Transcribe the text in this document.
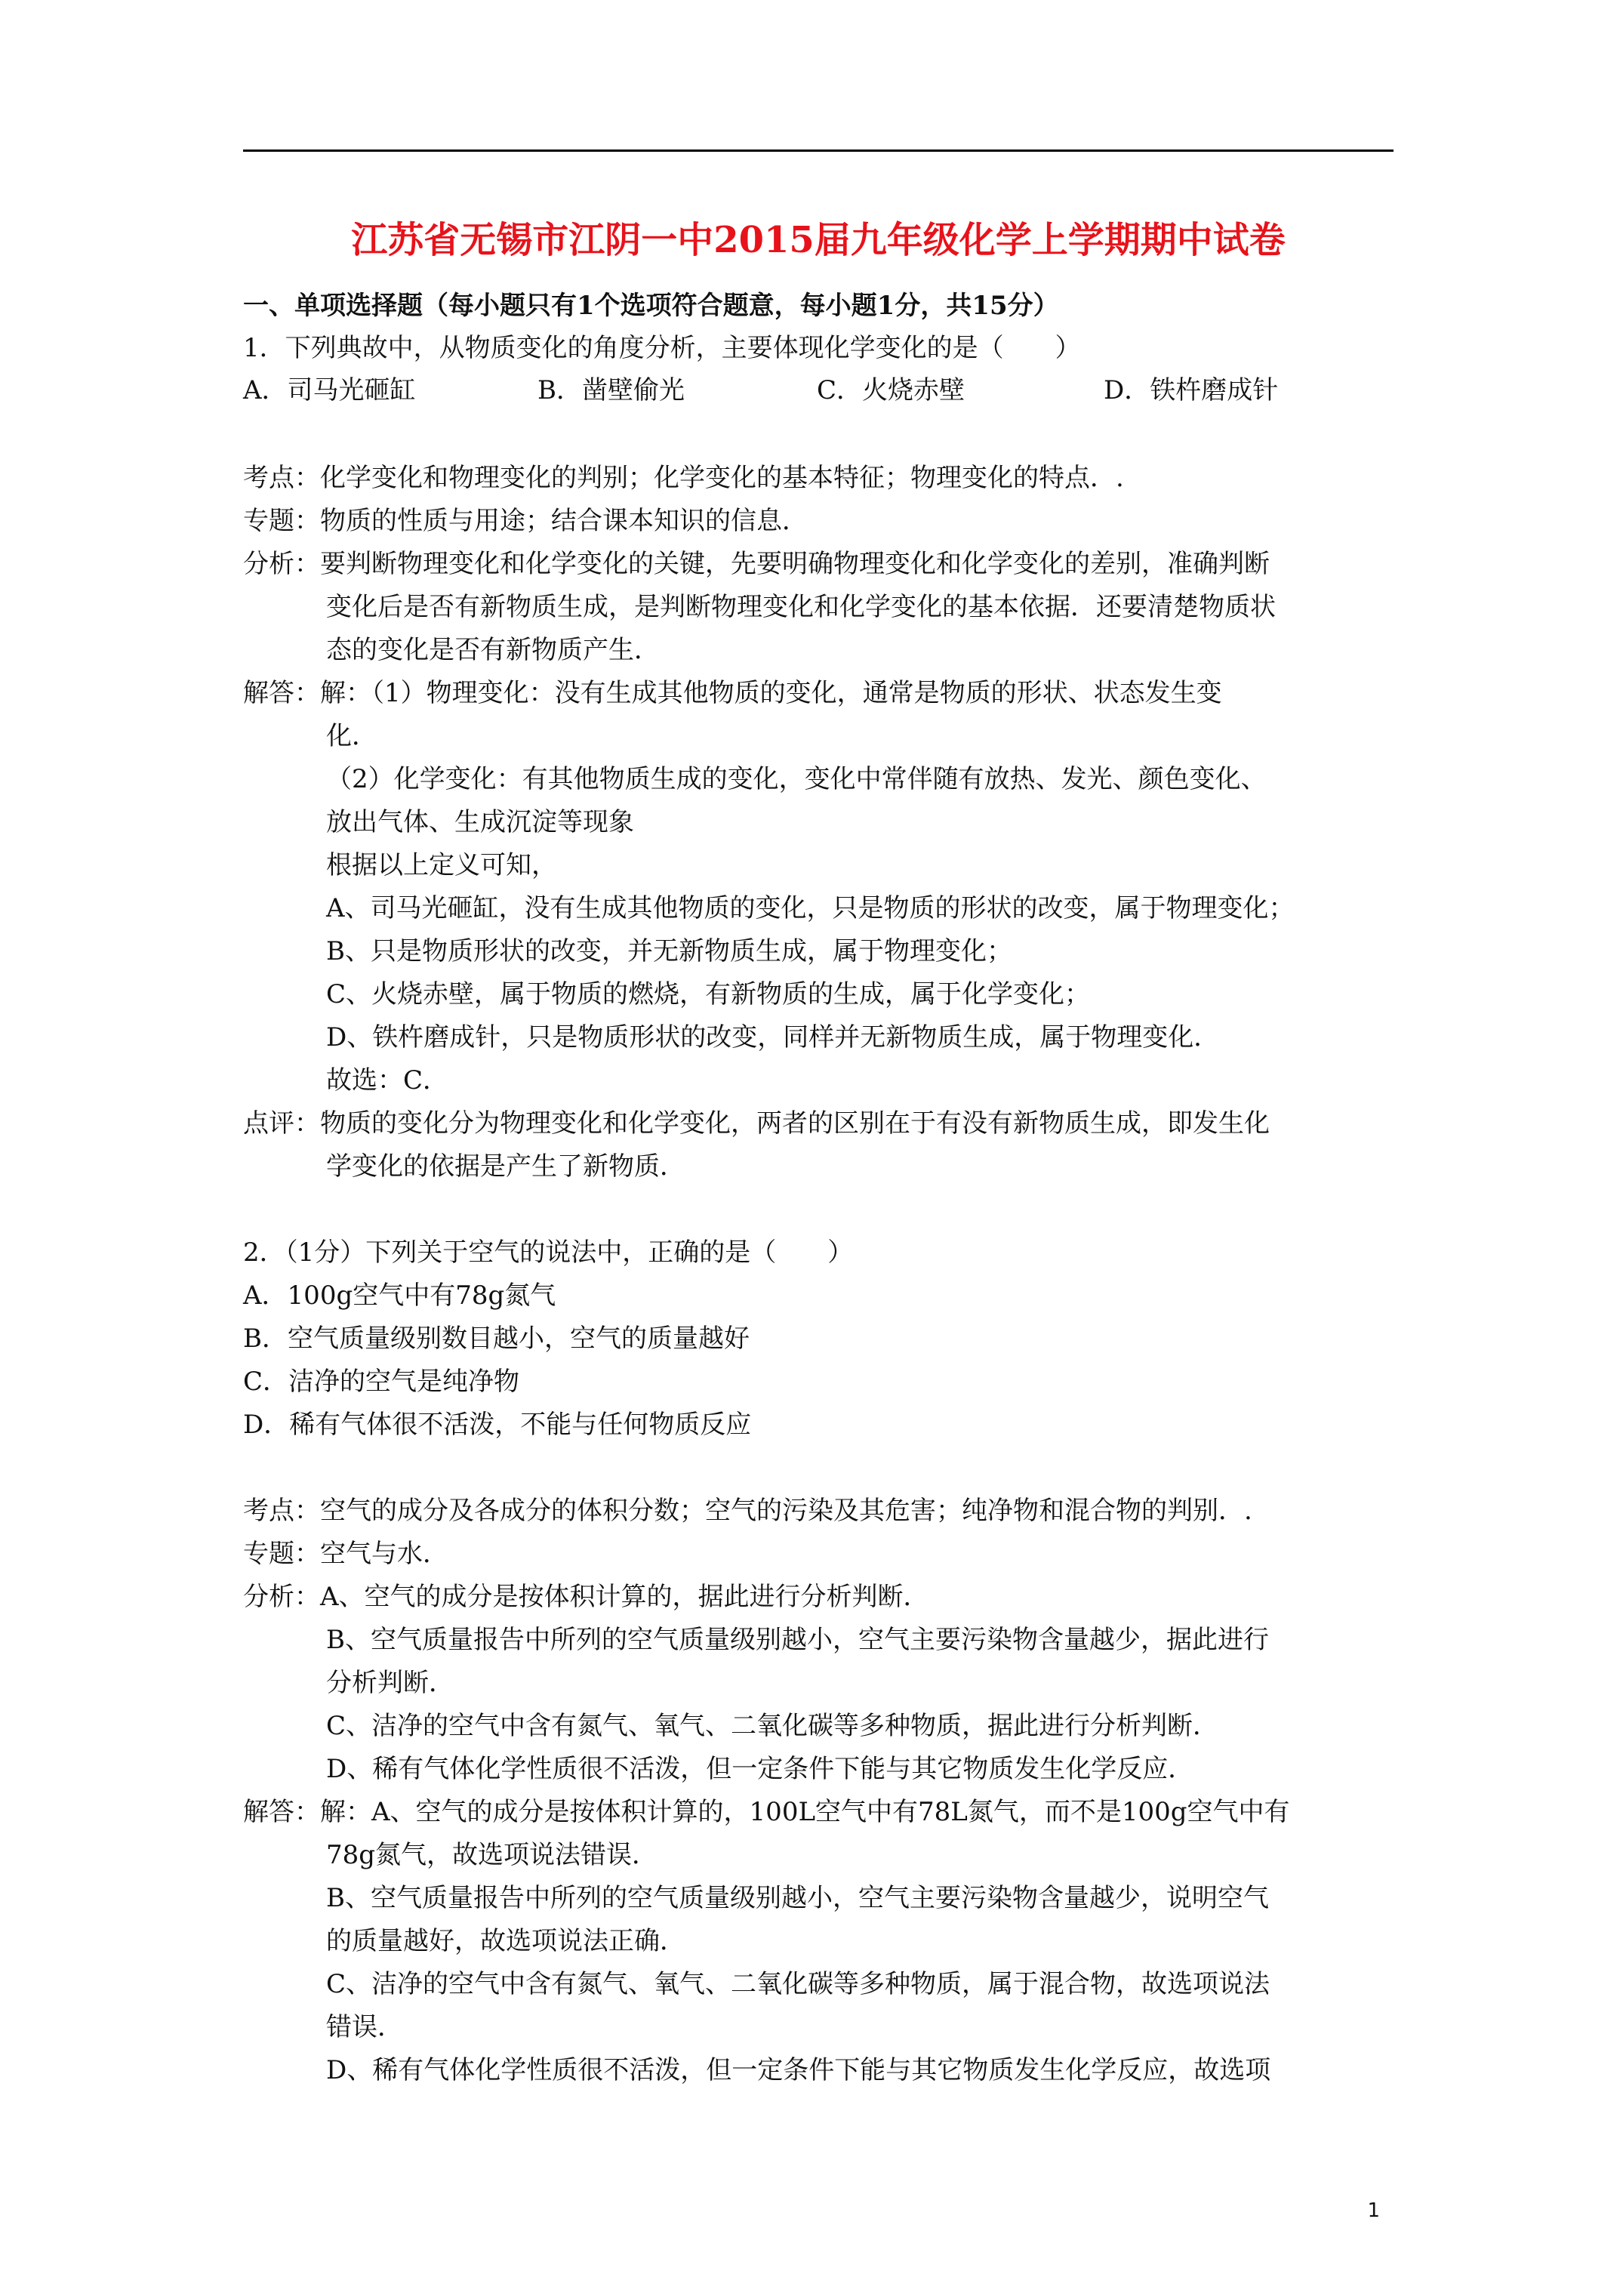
江苏省无锡市江阴一中2015届九年级化学上学期期中试卷
一、单项选择题（每小题只有1个选项符合题意，每小题1分，共15分）
1．下列典故中，从物质变化的角度分析，主要体现化学变化的是（　　）
A．司马光砸缸	B．凿壁偷光	C．火烧赤壁	D．铁杵磨成针
考点：化学变化和物理变化的判别；化学变化的基本特征；物理变化的特点．.
专题：物质的性质与用途；结合课本知识的信息．
分析：要判断物理变化和化学变化的关键，先要明确物理变化和化学变化的差别，准确判断
变化后是否有新物质生成，是判断物理变化和化学变化的基本依据．还要清楚物质状
态的变化是否有新物质产生．
解答：解：（1）物理变化：没有生成其他物质的变化，通常是物质的形状、状态发生变
化．
（2）化学变化：有其他物质生成的变化，变化中常伴随有放热、发光、颜色变化、
放出气体、生成沉淀等现象
根据以上定义可知，
A、司马光砸缸，没有生成其他物质的变化，只是物质的形状的改变，属于物理变化；
B、只是物质形状的改变，并无新物质生成，属于物理变化；
C、火烧赤壁，属于物质的燃烧，有新物质的生成，属于化学变化；
D、铁杵磨成针，只是物质形状的改变，同样并无新物质生成，属于物理变化．
故选：C．
点评：物质的变化分为物理变化和化学变化，两者的区别在于有没有新物质生成，即发生化
学变化的依据是产生了新物质．
2．（1分）下列关于空气的说法中，正确的是（　　）
A．100g空气中有78g氮气
B．空气质量级别数目越小，空气的质量越好
C．洁净的空气是纯净物
D．稀有气体很不活泼，不能与任何物质反应
考点：空气的成分及各成分的体积分数；空气的污染及其危害；纯净物和混合物的判别．.
专题：空气与水．
分析：A、空气的成分是按体积计算的，据此进行分析判断．
B、空气质量报告中所列的空气质量级别越小，空气主要污染物含量越少，据此进行
分析判断．
C、洁净的空气中含有氮气、氧气、二氧化碳等多种物质，据此进行分析判断．
D、稀有气体化学性质很不活泼，但一定条件下能与其它物质发生化学反应．
解答：解：A、空气的成分是按体积计算的，100L空气中有78L氮气，而不是100g空气中有
78g氮气，故选项说法错误．
B、空气质量报告中所列的空气质量级别越小，空气主要污染物含量越少，说明空气
的质量越好，故选项说法正确．
C、洁净的空气中含有氮气、氧气、二氧化碳等多种物质，属于混合物，故选项说法
错误．
D、稀有气体化学性质很不活泼，但一定条件下能与其它物质发生化学反应，故选项
1
